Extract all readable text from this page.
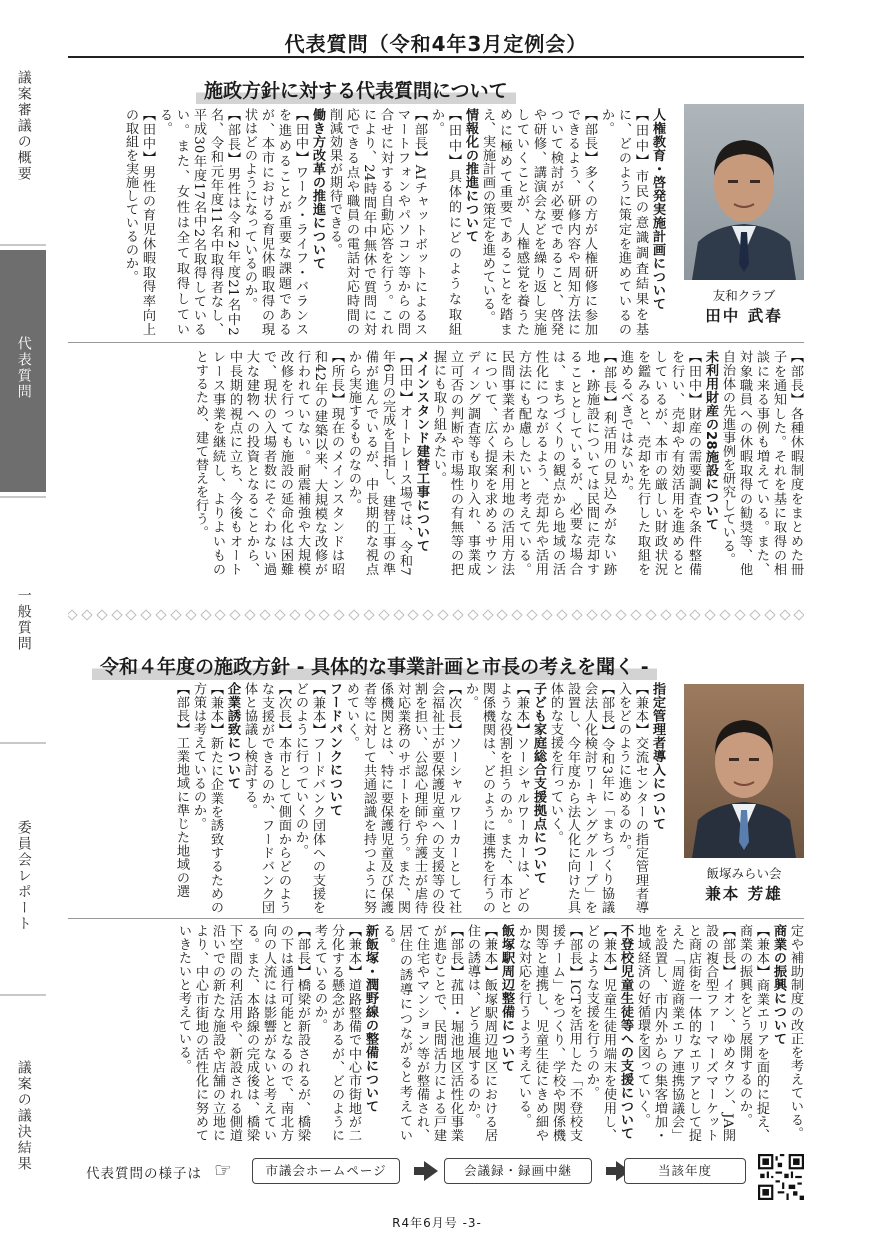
議案審議の概要
代表質問
一般質問
委員会レポート
議案の議決結果
代表質問（令和4年3月定例会）
施政方針に対する代表質問について

人権教育・啓発実施計画について

【田中】市民の意識調査結果を基に、どのように策定を進めているのか。

【部長】多くの方が人権研修に参加できるよう、研修内容や周知方法について検討が必要であること、啓発や研修、講演会などを繰り返し実施していくことが、人権感覚を養うために極めて重要であることを踏まえ、実施計画の策定を進めている。

情報化の推進について

【田中】具体的にどのような取組か。

【部長】AIチャットボットによるスマートフォンやパソコン等からの問合せに対する自動応答を行う。これにより、24時間年中無休で質問に対応できる点や職員の電話対応時間の削減効果が期待できる。

働き方改革の推進について

【田中】ワーク・ライフ・バランスを進めることが重要な課題であるが、本市における育児休暇取得の現状はどのようになっているのか。

【部長】男性は令和2年度21名中2名、令和元年度11名中取得者なし、平成30年度17名中2名取得しているい。また、女性は全て取得している。

【田中】男性の育児休暇取得率向上の取組を実施しているのか。

【部長】各種休暇制度をまとめた冊子を通知した。それを基に取得の相談に来る事例も増えている。また、対象職員への休暇取得の勧奨等、他自治体の先進事例を研究している。

未利用財産の28施設について

【田中】財産の需要調査や条件整備を行い、売却や有効活用を進めるとしているが、本市の厳しい財政状況を鑑みると、売却を先行した取組を進めるべきではないか。

【部長】利活用の見込みがない跡地・跡施設については民間に売却することとしているが、必要な場合は、まちづくりの観点から地域の活性化につながるよう、売却先や活用方法にも配慮したいと考えている。民間事業者から未利用地の活用方法について、広く提案を求めるサウンディング調査等も取り入れ、事業成立可否の判断や市場性の有無等の把握にも取り組みたい。

メインスタンド建替工事について

【田中】オートレース場では、令和7年6月の完成を目指し、建替工事の準備が進んでいるが、中長期的な視点から実施するものなのか。

【所長】現在のメインスタンドは昭和42年の建築以来、大規模な改修が行われていない。耐震補強や大規模改修を行っても施設の延命化は困難で、現状の入場者数にそぐわない過大な建物への投資となることから、中長期的視点に立ち、今後もオートレース事業を継続し、よりよいものとするため、建て替えを行う。

友和クラブ
田中 武春
令和４年度の施政方針 - 具体的な事業計画と市長の考えを聞く -

指定管理者導入について

【兼本】交流センターの指定管理者導入をどのように進めるのか。

【部長】令和3年に「まちづくり協議会法人化検討ワーキンググループ」を設置し、今年度から法人化に向けた具体的な支援を行っていく。

子ども家庭総合支援拠点について

【兼本】ソーシャルワーカーは、どのような役割を担うのか。また、本市と関係機関は、どのように連携を行うのか。

【次長】ソーシャルワーカーとして社会福祉士が要保護児童への支援等の役割を担い、公認心理師や弁護士が虐待対応業務のサポートを行う。また、関係機関とは、特に要保護児童及び保護者等に対して共通認識を持つように努めていく。

フードバンクについて

【兼本】フードバンク団体への支援をどのように行っていくのか。

【次長】本市として側面からどのような支援ができるのか、フードバンク団体と協議し検討する。

企業誘致について

【兼本】新たに企業を誘致するための方策は考えているのか。

【部長】工業地域に準じた地域の選

定や補助制度の改正を考えている。

商業の振興について

【兼本】商業エリアを面的に捉え、商業の振興をどう展開するのか。

【部長】イオン、ゆめタウン、JA開設の複合型ファーマーズマーケットと商店街を一体的なエリアとして捉えた「周遊商業エリア連携協議会」を設置し、市内外からの集客増加・地域経済の好循環を図っていく。

不登校児童生徒等への支援について

【兼本】児童生徒用端末を使用し、どのような支援を行うのか。

【部長】ICTを活用した「不登校支援チーム」をつくり、学校や関係機関等と連携し、児童生徒にきめ細やかな対応を行うよう考えている。

飯塚駅周辺整備について

【兼本】飯塚駅周辺地区における居住の誘導は、どう進展するのか。

【部長】菰田・堀池地区活性化事業が進むことで、民間活力による戸建て住宅やマンション等が整備され、居住の誘導につながると考えている。

新飯塚・潤野線の整備について

【兼本】道路整備で中心市街地が二分化する懸念があるが、どのように考えているのか。

【部長】橋梁が新設されるが、橋梁の下は通行可能となるので、南北方向の人流には影響がないと考えている。また、本路線の完成後は、橋梁下空間の利活用や、新設される側道沿いでの新たな施設や店舗の立地により、中心市街地の活性化に努めていきたいと考えている。

飯塚みらい会
兼本 芳雄
代表質問の様子は ☞	市議会ホームページ	会議録・録画中継	当該年度
R4年6月号 -3-
